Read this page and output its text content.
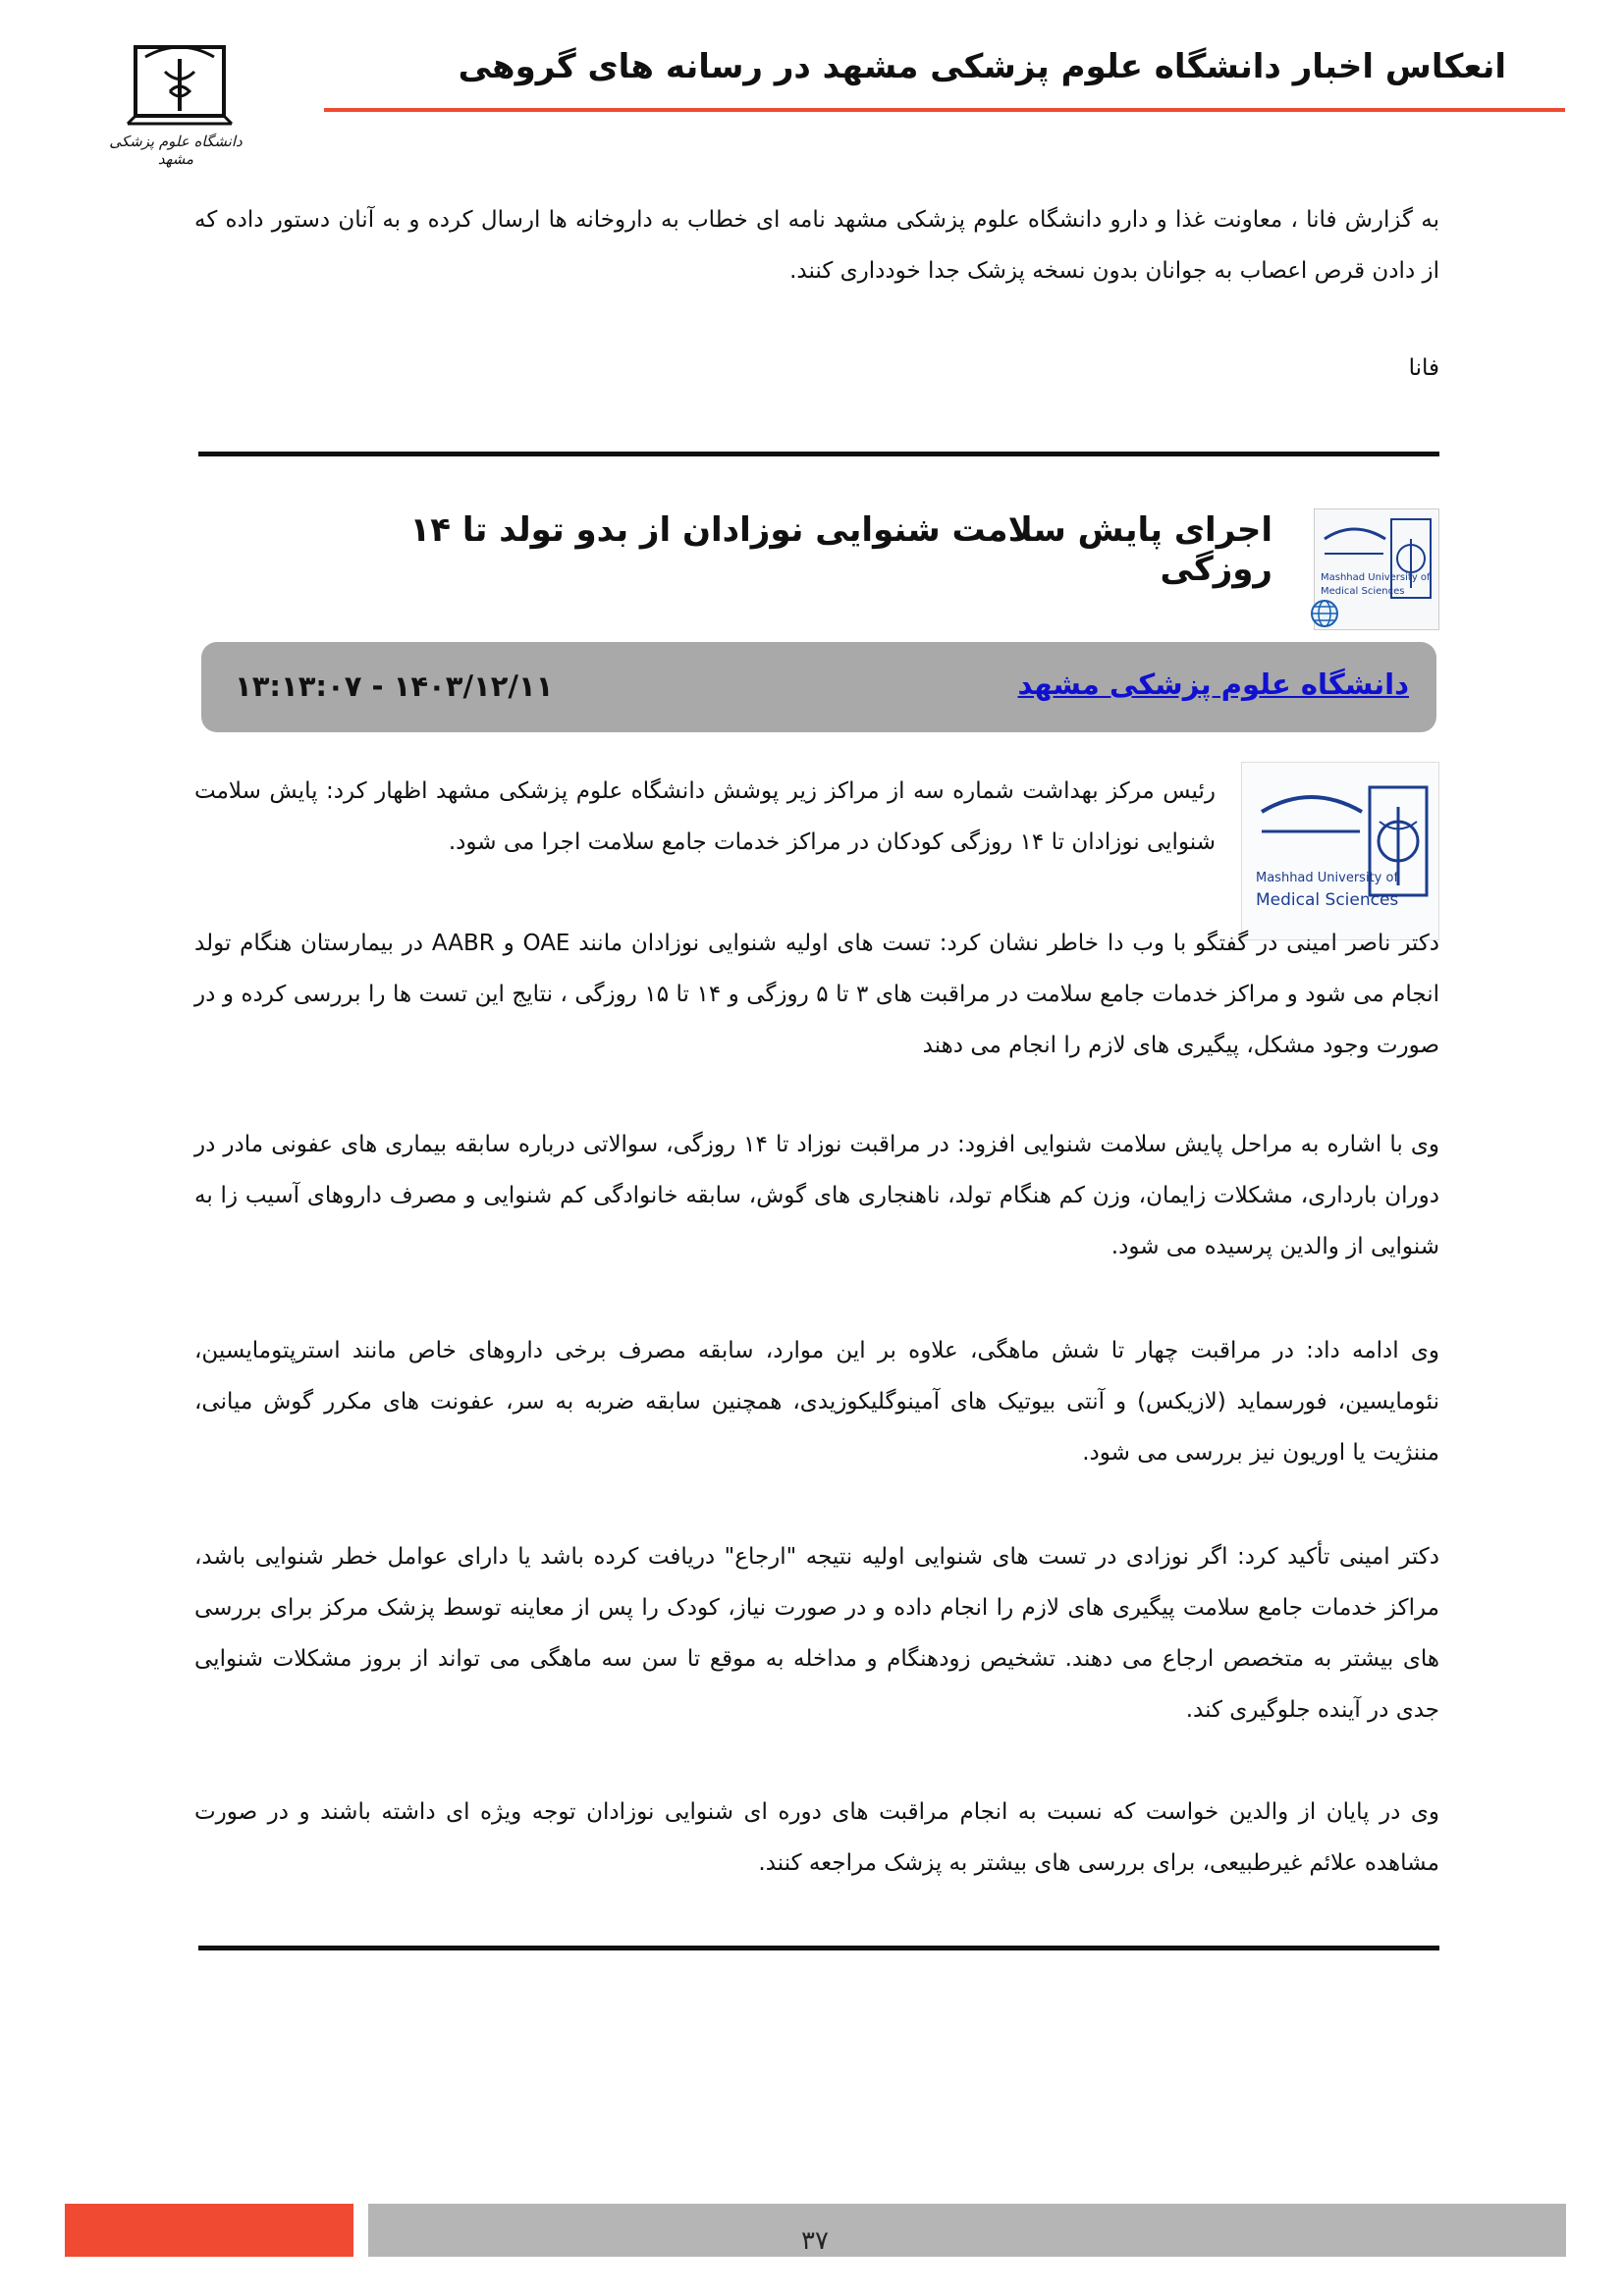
دانشگاه علوم پزشکی مشهد
انعکاس اخبار دانشگاه علوم پزشکی مشهد در رسانه های گروهی
به گزارش فانا ، معاونت غذا و دارو دانشگاه علوم پزشکی مشهد نامه ای خطاب به داروخانه ها ارسال کرده و به آنان دستور داده که از دادن قرص اعصاب به جوانان بدون نسخه پزشک جدا خودداری کنند.
فانا
Mashhad University of
Medical Sciences
اجرای پایش سلامت شنوایی نوزادان از بدو تولد تا ۱۴ روزگی
دانشگاه علوم پزشکی مشهد
۱۴۰۳/۱۲/۱۱ - ۱۳:۱۳:۰۷
Mashhad University of
Medical Sciences
رئیس مرکز بهداشت شماره سه از مراکز زیر پوشش دانشگاه علوم پزشکی مشهد اظهار کرد: پایش سلامت شنوایی نوزادان تا ۱۴ روزگی کودکان در مراکز خدمات جامع سلامت اجرا می شود.
دکتر ناصر امینی در گفتگو با وب دا خاطر نشان کرد: تست های اولیه شنوایی نوزادان مانند OAE و AABR در بیمارستان هنگام تولد انجام می شود و مراکز خدمات جامع سلامت در مراقبت های ۳ تا ۵ روزگی و ۱۴ تا ۱۵ روزگی ، نتایج این تست ها را بررسی کرده و در صورت وجود مشکل، پیگیری های لازم را انجام می دهند
وی با اشاره به مراحل پایش سلامت شنوایی افزود: در مراقبت نوزاد تا ۱۴ روزگی، سوالاتی درباره سابقه بیماری های عفونی مادر در دوران بارداری، مشکلات زایمان، وزن کم هنگام تولد، ناهنجاری های گوش، سابقه خانوادگی کم شنوایی و مصرف داروهای آسیب زا به شنوایی از والدین پرسیده می شود.
وی ادامه داد: در مراقبت چهار تا شش ماهگی، علاوه بر این موارد، سابقه مصرف برخی داروهای خاص مانند استرپتومایسین، نئومایسین، فورسماید (لازیکس) و آنتی بیوتیک های آمینوگلیکوزیدی، همچنین سابقه ضربه به سر، عفونت های مکرر گوش میانی، مننژیت یا اوریون نیز بررسی می شود.
دکتر امینی تأکید کرد: اگر نوزادی در تست های شنوایی اولیه نتیجه "ارجاع" دریافت کرده باشد یا دارای عوامل خطر شنوایی باشد، مراکز خدمات جامع سلامت پیگیری های لازم را انجام داده و در صورت نیاز، کودک را پس از معاینه توسط پزشک مرکز برای بررسی های بیشتر به متخصص ارجاع می دهند. تشخیص زودهنگام و مداخله به موقع تا سن سه ماهگی می تواند از بروز مشکلات شنوایی جدی در آینده جلوگیری کند.
وی در پایان از والدین خواست که نسبت به انجام مراقبت های دوره ای شنوایی نوزادان توجه ویژه ای داشته باشند و در صورت مشاهده علائم غیرطبیعی، برای بررسی های بیشتر به پزشک مراجعه کنند.
۳۷
